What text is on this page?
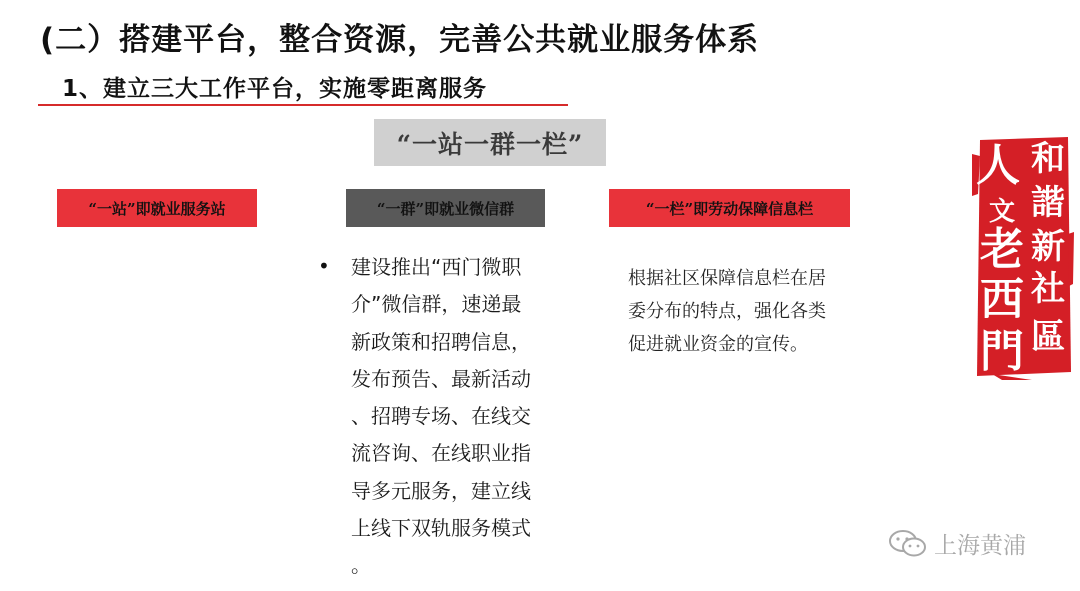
(二）搭建平台，整合资源，完善公共就业服务体系
1、建立三大工作平台，实施零距离服务
“一站一群一栏”
“一站”即就业服务站	“一群”即就业微信群	“一栏”即劳动保障信息栏
• 建设推出“西门微职
介”微信群，速递最
新政策和招聘信息，
发布预告、最新活动
、招聘专场、在线交
流咨询、在线职业指
导多元服务，建立线
上线下双轨服务模式
。
根据社区保障信息栏在居
委分布的特点，强化各类
促进就业资金的宣传。
人
文
老
西
門
和
諧
新
社
區
上海黄浦
